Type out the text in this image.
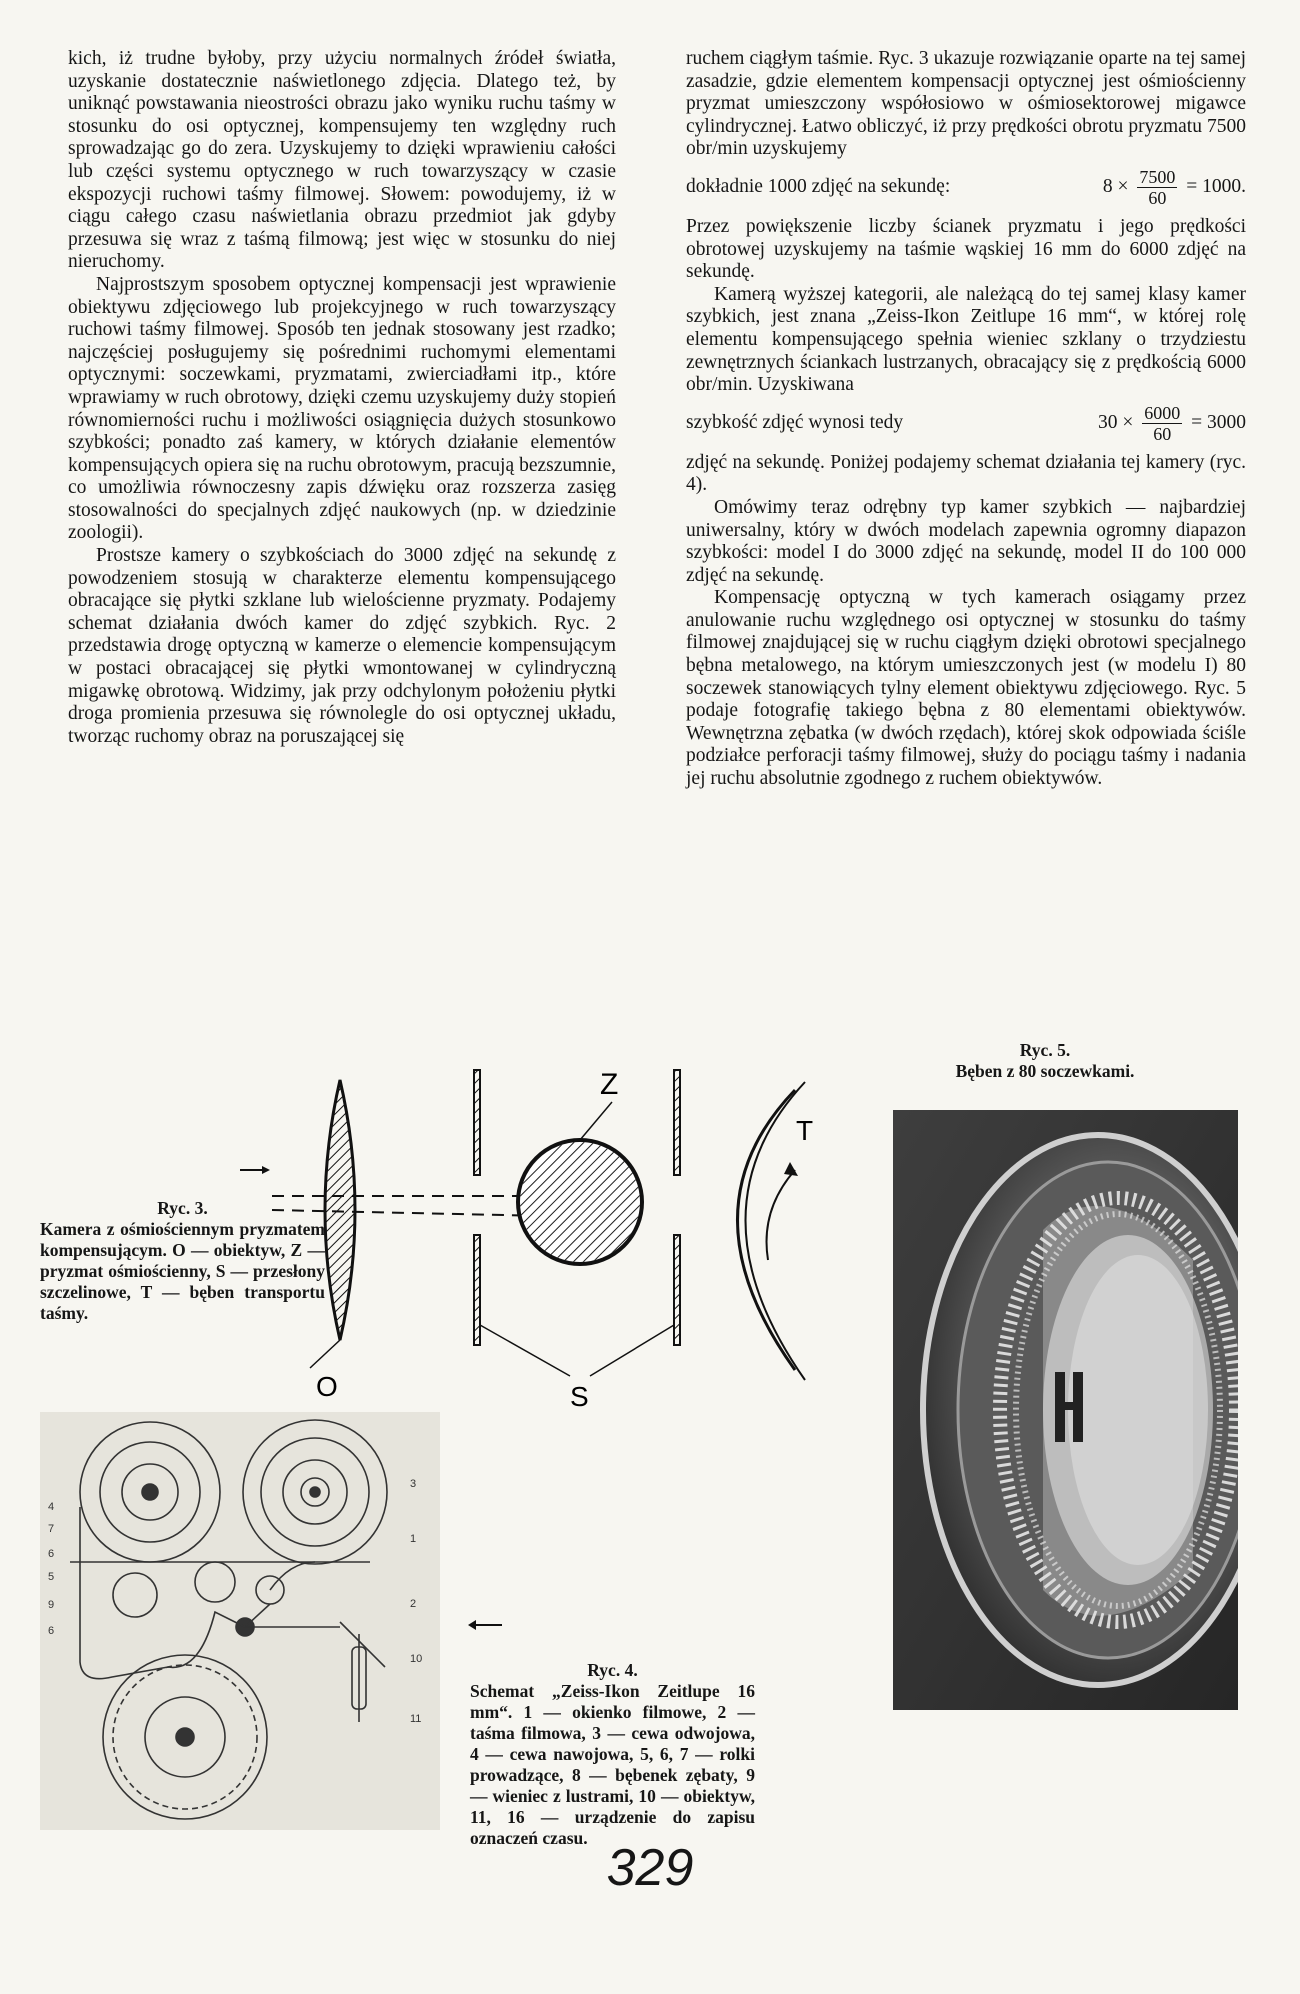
kich, iż trudne byłoby, przy użyciu normalnych źródeł światła, uzyskanie dostatecznie naświetlonego zdjęcia. Dlatego też, by uniknąć powstawania nieostrości obrazu jako wyniku ruchu taśmy w stosunku do osi optycznej, kompensujemy ten względny ruch sprowadzając go do zera. Uzyskujemy to dzięki wprawieniu całości lub części systemu optycznego w ruch towarzyszący w czasie ekspozycji ruchowi taśmy filmowej. Słowem: powodujemy, iż w ciągu całego czasu naświetlania obrazu przedmiot jak gdyby przesuwa się wraz z taśmą filmową; jest więc w stosunku do niej nieruchomy.

Najprostszym sposobem optycznej kompensacji jest wprawienie obiektywu zdjęciowego lub projekcyjnego w ruch towarzyszący ruchowi taśmy filmowej. Sposób ten jednak stosowany jest rzadko; najczęściej posługujemy się pośrednimi ruchomymi elementami optycznymi: soczewkami, pryzmatami, zwierciadłami itp., które wprawiamy w ruch obrotowy, dzięki czemu uzyskujemy duży stopień równomierności ruchu i możliwości osiągnięcia dużych stosunkowo szybkości; ponadto zaś kamery, w których działanie elementów kompensujących opiera się na ruchu obrotowym, pracują bezszumnie, co umożliwia równoczesny zapis dźwięku oraz rozszerza zasięg stosowalności do specjalnych zdjęć naukowych (np. w dziedzinie zoologii).

Prostsze kamery o szybkościach do 3000 zdjęć na sekundę z powodzeniem stosują w charakterze elementu kompensującego obracające się płytki szklane lub wielościenne pryzmaty. Podajemy schemat działania dwóch kamer do zdjęć szybkich. Ryc. 2 przedstawia drogę optyczną w kamerze o elemencie kompensującym w postaci obracającej się płytki wmontowanej w cylindryczną migawkę obrotową. Widzimy, jak przy odchylonym położeniu płytki droga promienia przesuwa się równolegle do osi optycznej układu, tworząc ruchomy obraz na poruszającej się

ruchem ciągłym taśmie. Ryc. 3 ukazuje rozwiązanie oparte na tej samej zasadzie, gdzie elementem kompensacji optycznej jest ośmiościenny pryzmat umieszczony współosiowo w ośmiosektorowej migawce cylindrycznej. Łatwo obliczyć, iż przy prędkości obrotu pryzmatu 7500 obr/min uzyskujemy

dokładnie 1000 zdjęć na sekundę:	$8 \times \frac{7500}{60} = 1000$.

Przez powiększenie liczby ścianek pryzmatu i jego prędkości obrotowej uzyskujemy na taśmie wąskiej 16 mm do 6000 zdjęć na sekundę.

Kamerą wyższej kategorii, ale należącą do tej samej klasy kamer szybkich, jest znana „Zeiss-Ikon Zeitlupe 16 mm“, w której rolę elementu kompensującego spełnia wieniec szklany o trzydziestu zewnętrznych ściankach lustrzanych, obracający się z prędkością 6000 obr/min. Uzyskiwana

szybkość zdjęć wynosi tedy	$30 \times \frac{6000}{60} = 3000$

zdjęć na sekundę. Poniżej podajemy schemat działania tej kamery (ryc. 4).

Omówimy teraz odrębny typ kamer szybkich — najbardziej uniwersalny, który w dwóch modelach zapewnia ogromny diapazon szybkości: model I do 3000 zdjęć na sekundę, model II do 100 000 zdjęć na sekundę.

Kompensację optyczną w tych kamerach osiągamy przez anulowanie ruchu względnego osi optycznej w stosunku do taśmy filmowej znajdującej się w ruchu ciągłym dzięki obrotowi specjalnego bębna metalowego, na którym umieszczonych jest (w modelu I) 80 soczewek stanowiących tylny element obiektywu zdjęciowego. Ryc. 5 podaje fotografię takiego bębna z 80 elementami obiektywów. Wewnętrzna zębatka (w dwóch rzędach), której skok odpowiada ściśle podziałce perforacji taśmy filmowej, służy do pociągu taśmy i nadania jej ruchu absolutnie zgodnego z ruchem obiektywów.

O
Z
S
T
Ryc. 3.

Kamera z ośmiościennym pryzmatem kompensującym. O — obiektyw, Z — pryzmat ośmiościenny, S — przesłony szczelinowe, T — bęben transportu taśmy.

4
7
6
5
9
6
3
1
2
10
11
Ryc. 4.

Schemat „Zeiss-Ikon Zeitlupe 16 mm“. 1 — okienko filmowe, 2 — taśma filmowa, 3 — cewa odwojowa, 4 — cewa nawojowa, 5, 6, 7 — rolki prowadzące, 8 — bębenek zębaty, 9 — wieniec z lustrami, 10 — obiektyw, 11, 16 — urządzenie do zapisu oznaczeń czasu.

Ryc. 5.

Bęben z 80 soczewkami.

329
